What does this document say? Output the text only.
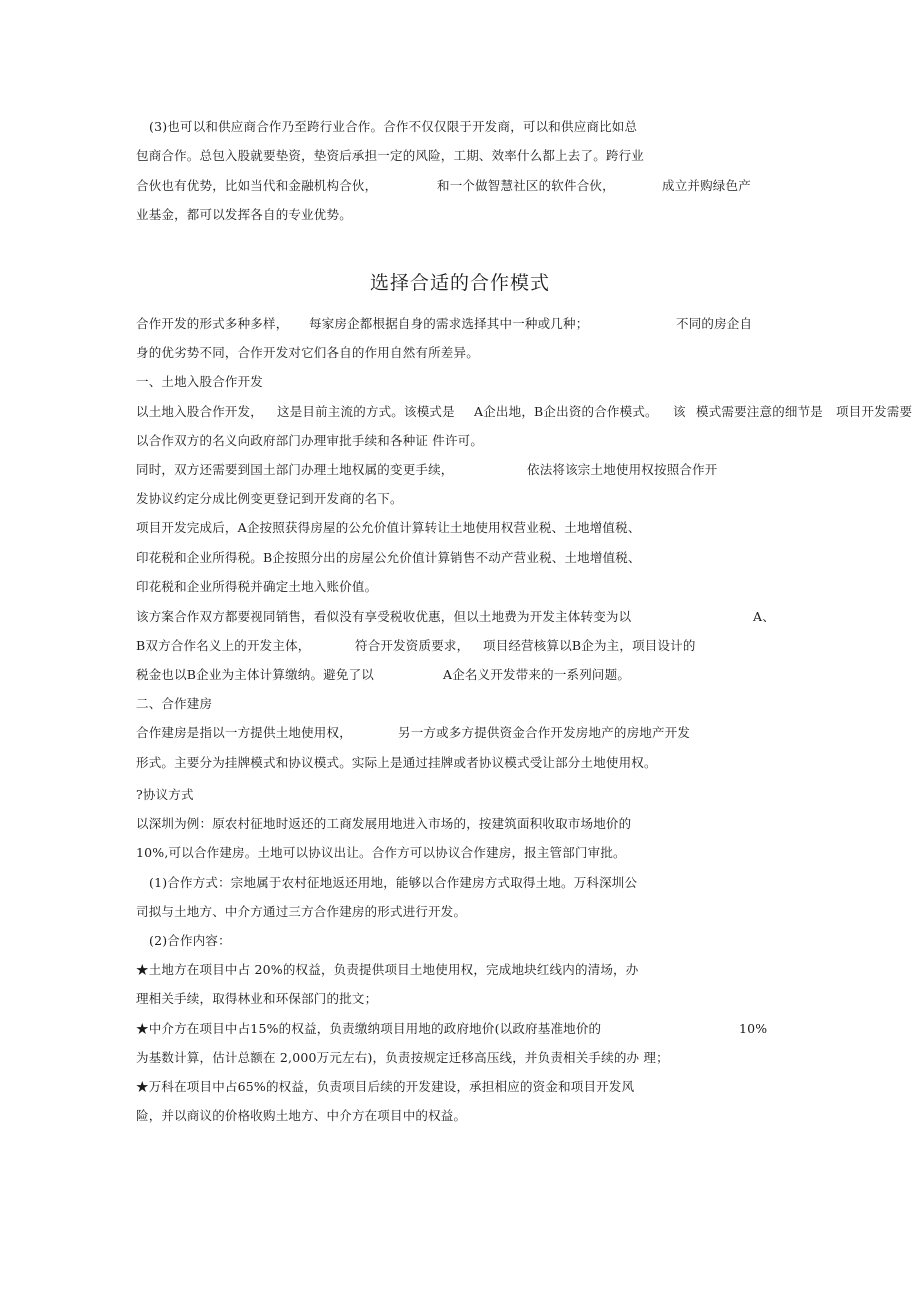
(3)也可以和供应商合作乃至跨行业合作。合作不仅仅限于开发商，可以和供应商比如总
包商合作。总包入股就要垫资，垫资后承担一定的风险，工期、效率什么都上去了。跨行业
合伙也有优势，比如当代和金融机构合伙，	和一个做智慧社区的软件合伙，	成立并购绿色产
业基金，都可以发挥各自的专业优势。
选择合适的合作模式
合作开发的形式多种多样， 每家房企都根据自身的需求选择其中一种或几种；	不同的房企自
身的优劣势不同，合作开发对它们各自的作用自然有所差异。
一、土地入股合作开发
以土地入股合作开发， 这是目前主流的方式。该模式是 A企出地，B企出资的合作模式。 该 模式需要注意的细节是 项目开发需要
以合作双方的名义向政府部门办理审批手续和各种证 件许可。
同时，双方还需要到国土部门办理土地权属的变更手续，	依法将该宗土地使用权按照合作开
发协议约定分成比例变更登记到开发商的名下。
项目开发完成后，A企按照获得房屋的公允价值计算转让土地使用权营业税、土地增值税、
印花税和企业所得税。B企按照分出的房屋公允价值计算销售不动产营业税、土地增值税、
印花税和企业所得税并确定土地入账价值。
该方案合作双方都要视同销售，看似没有享受税收优惠，但以土地费为开发主体转变为以	A、
B双方合作名义上的开发主体，	符合开发资质要求， 项目经营核算以B企为主，项目设计的
税金也以B企业为主体计算缴纳。避免了以	A企名义开发带来的一系列问题。
二、合作建房
合作建房是指以一方提供土地使用权，	另一方或多方提供资金合作开发房地产的房地产开发
形式。主要分为挂牌模式和协议模式。实际上是通过挂牌或者协议模式受让部分土地使用权。
?协议方式
以深圳为例：原农村征地时返还的工商发展用地进入市场的，按建筑面积收取市场地价的
10%,可以合作建房。土地可以协议出让。合作方可以协议合作建房，报主管部门审批。
(1)合作方式：宗地属于农村征地返还用地，能够以合作建房方式取得土地。万科深圳公
司拟与土地方、中介方通过三方合作建房的形式进行开发。
(2)合作内容：
★土地方在项目中占 20%的权益，负责提供项目土地使用权，完成地块红线内的清场，办
理相关手续，取得林业和环保部门的批文；
★中介方在项目中占15%的权益，负责缴纳项目用地的政府地价(以政府基准地价的	10%
为基数计算，估计总额在 2,000万元左右)，负责按规定迁移高压线，并负责相关手续的办 理；
★万科在项目中占65%的权益，负责项目后续的开发建设，承担相应的资金和项目开发风
险，并以商议的价格收购土地方、中介方在项目中的权益。
